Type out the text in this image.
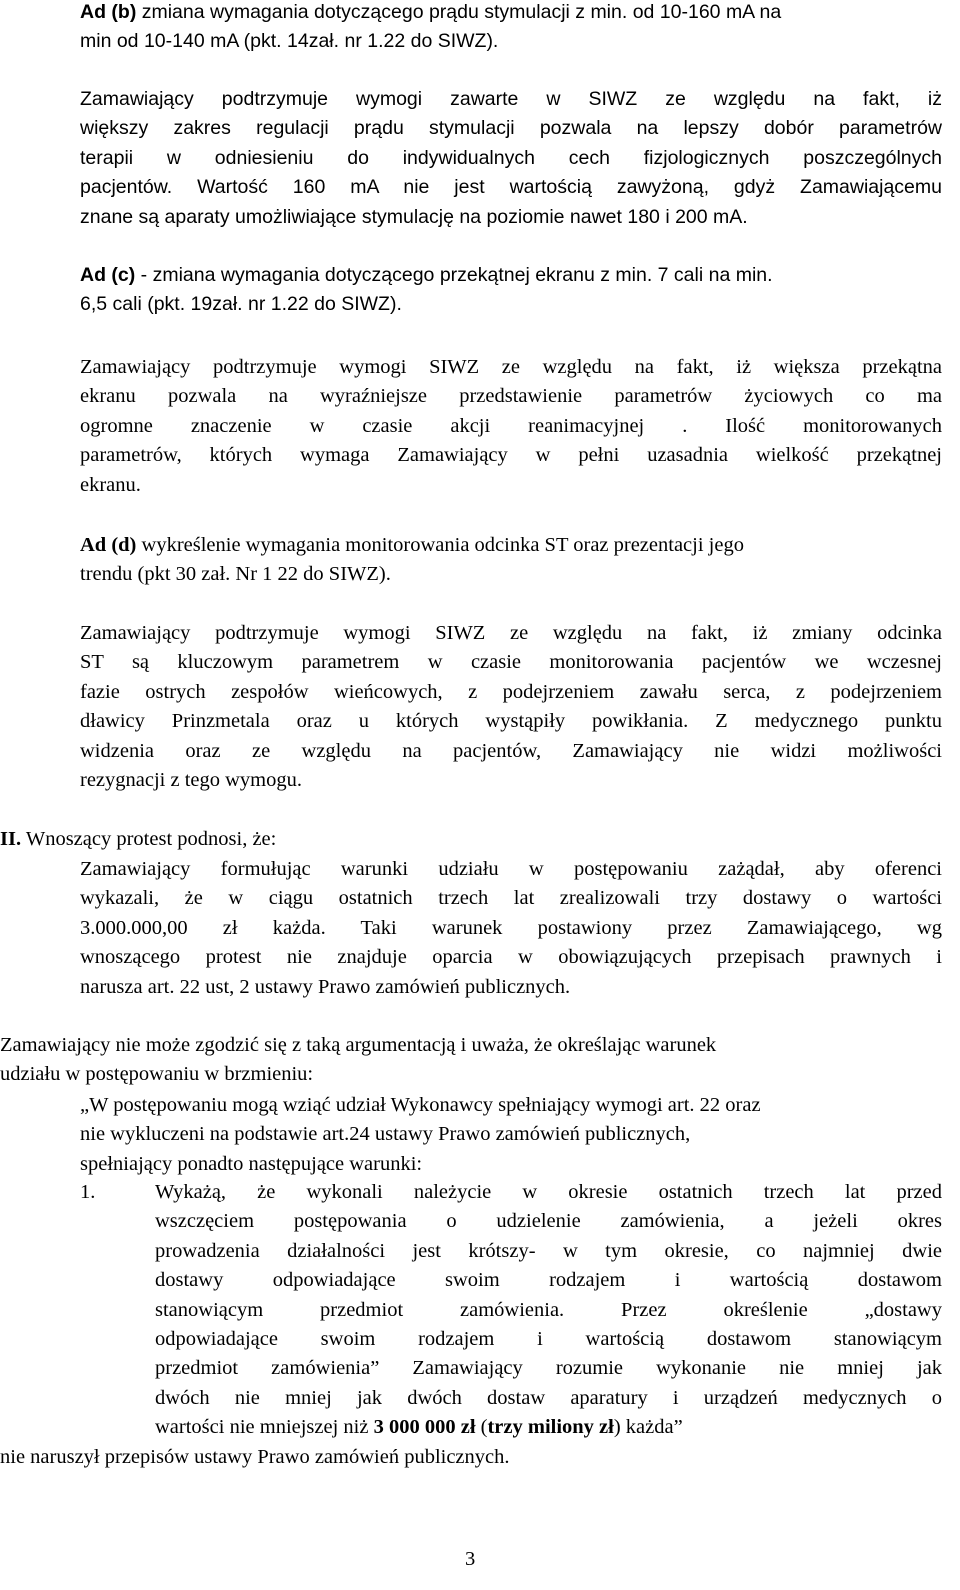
Ad (b) zmiana wymagania dotyczącego prądu stymulacji z min. od 10-160 mA na
min od 10-140 mA (pkt. 14zał. nr 1.22 do SIWZ).
Zamawiający podtrzymuje wymogi zawarte w SIWZ ze względu na fakt, iż
większy zakres regulacji prądu stymulacji pozwala na lepszy dobór parametrów
terapii w odniesieniu do indywidualnych cech fizjologicznych poszczególnych
pacjentów. Wartość 160 mA nie jest wartością zawyżoną, gdyż Zamawiającemu
znane są aparaty umożliwiające stymulację na poziomie nawet 180 i 200 mA.
Ad (c) - zmiana wymagania dotyczącego przekątnej ekranu z min. 7 cali na min.
6,5 cali (pkt. 19zał. nr 1.22 do SIWZ).
Zamawiający podtrzymuje wymogi SIWZ ze względu na fakt, iż większa przekątna
ekranu pozwala na wyraźniejsze przedstawienie parametrów życiowych co ma
ogromne znaczenie w czasie akcji reanimacyjnej . Ilość monitorowanych
parametrów, których wymaga Zamawiający w pełni uzasadnia wielkość przekątnej
ekranu.
Ad (d) wykreślenie wymagania monitorowania odcinka ST oraz prezentacji jego
trendu (pkt 30 zał. Nr 1 22 do SIWZ).
Zamawiający podtrzymuje wymogi SIWZ ze względu na fakt, iż zmiany odcinka
ST są kluczowym parametrem w czasie monitorowania pacjentów we wczesnej
fazie ostrych zespołów wieńcowych, z podejrzeniem zawału serca, z podejrzeniem
dławicy Prinzmetala oraz u których wystąpiły powikłania. Z medycznego punktu
widzenia oraz ze względu na pacjentów, Zamawiający nie widzi możliwości
rezygnacji z tego wymogu.
II. Wnoszący protest podnosi, że:
Zamawiający formułując warunki udziału w postępowaniu zażądał, aby oferenci
wykazali, że w ciągu ostatnich trzech lat zrealizowali trzy dostawy o wartości
3.000.000,00 zł każda. Taki warunek postawiony przez Zamawiającego, wg
wnoszącego protest nie znajduje oparcia w obowiązujących przepisach prawnych i
narusza art. 22 ust, 2 ustawy Prawo zamówień publicznych.
Zamawiający nie może zgodzić się z taką argumentacją i uważa, że określając warunek
udziału w postępowaniu w brzmieniu:
„W postępowaniu mogą wziąć udział Wykonawcy spełniający wymogi art. 22 oraz
nie wykluczeni na podstawie art.24 ustawy Prawo zamówień publicznych,
spełniający ponadto następujące warunki:
1.	Wykażą, że wykonali należycie w okresie ostatnich trzech lat przed
wszczęciem postępowania o udzielenie zamówienia, a jeżeli okres
prowadzenia działalności jest krótszy- w tym okresie, co najmniej dwie
dostawy odpowiadające swoim rodzajem i wartością dostawom
stanowiącym przedmiot zamówienia. Przez określenie „dostawy
odpowiadające swoim rodzajem i wartością dostawom stanowiącym
przedmiot zamówienia” Zamawiający rozumie wykonanie nie mniej jak
dwóch nie mniej jak dwóch dostaw aparatury i urządzeń medycznych o
wartości nie mniejszej niż 3 000 000 zł (trzy miliony zł) każda”
nie naruszył przepisów ustawy Prawo zamówień publicznych.
3
